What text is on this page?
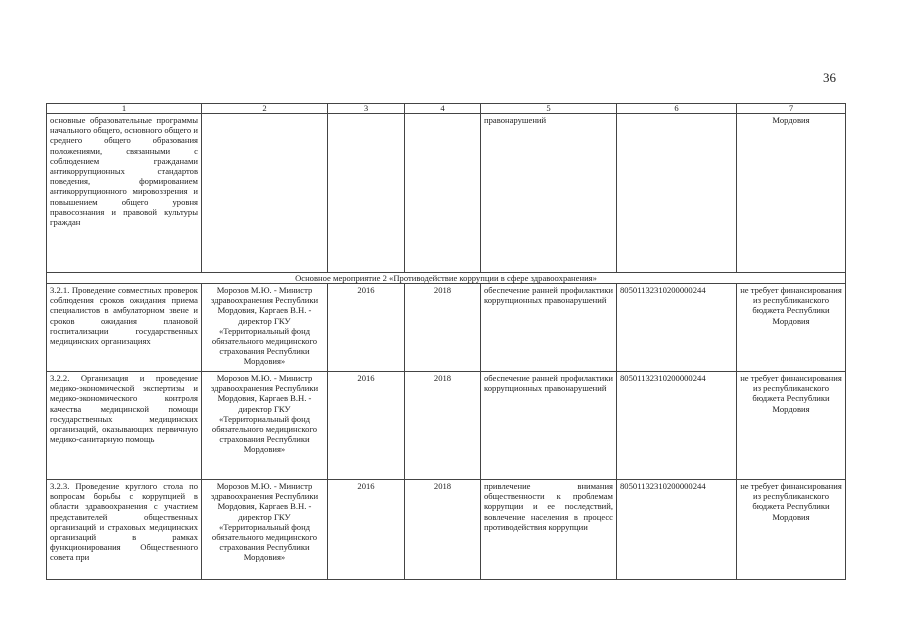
36
1	2	3	4	5	6	7
основные образовательные программы начального общего, основного общего и среднего общего образования положениями, связанными с соблюдением гражданами антикоррупционных стандартов поведения, формированием антикоррупционного мировоззрения и повышением общего уровня правосознания и правовой культуры граждан				правонарушений		Мордовия
Основное мероприятие 2 «Противодействие коррупции в сфере здравоохранения»						
3.2.1. Проведение совместных проверок соблюдения сроков ожидания приема специалистов в амбулаторном звене и сроков ожидания плановой госпитализации государственных медицинских организациях	Морозов М.Ю. - Министр здравоохранения Республики Мордовия, Каргаев В.Н. - директор ГКУ «Территориальный фонд обязательного медицинского страхования Республики Мордовия»	2016	2018	обеспечение ранней профилактики коррупционных правонарушений	80501132310200000244	не требует финансирования из республиканского бюджета Республики Мордовия
3.2.2. Организация и проведение медико-экономической экспертизы и медико-экономического контроля качества медицинской помощи государственных медицинских организаций, оказывающих первичную медико-санитарную помощь	Морозов М.Ю. - Министр здравоохранения Республики Мордовия, Каргаев В.Н. - директор ГКУ «Территориальный фонд обязательного медицинского страхования Республики Мордовия»	2016	2018	обеспечение ранней профилактики коррупционных правонарушений	80501132310200000244	не требует финансирования из республиканского бюджета Республики Мордовия
3.2.3. Проведение круглого стола по вопросам борьбы с коррупцией в области здравоохранения с участием представителей общественных организаций и страховых медицинских организаций в рамках функционирования Общественного совета при	Морозов М.Ю. - Министр здравоохранения Республики Мордовия, Каргаев В.Н. - директор ГКУ «Территориальный фонд обязательного медицинского страхования Республики Мордовия»	2016	2018	привлечение внимания общественности к проблемам коррупции и ее последствий, вовлечение населения в процесс противодействия коррупции	80501132310200000244	не требует финансирования из республиканского бюджета Республики Мордовия
